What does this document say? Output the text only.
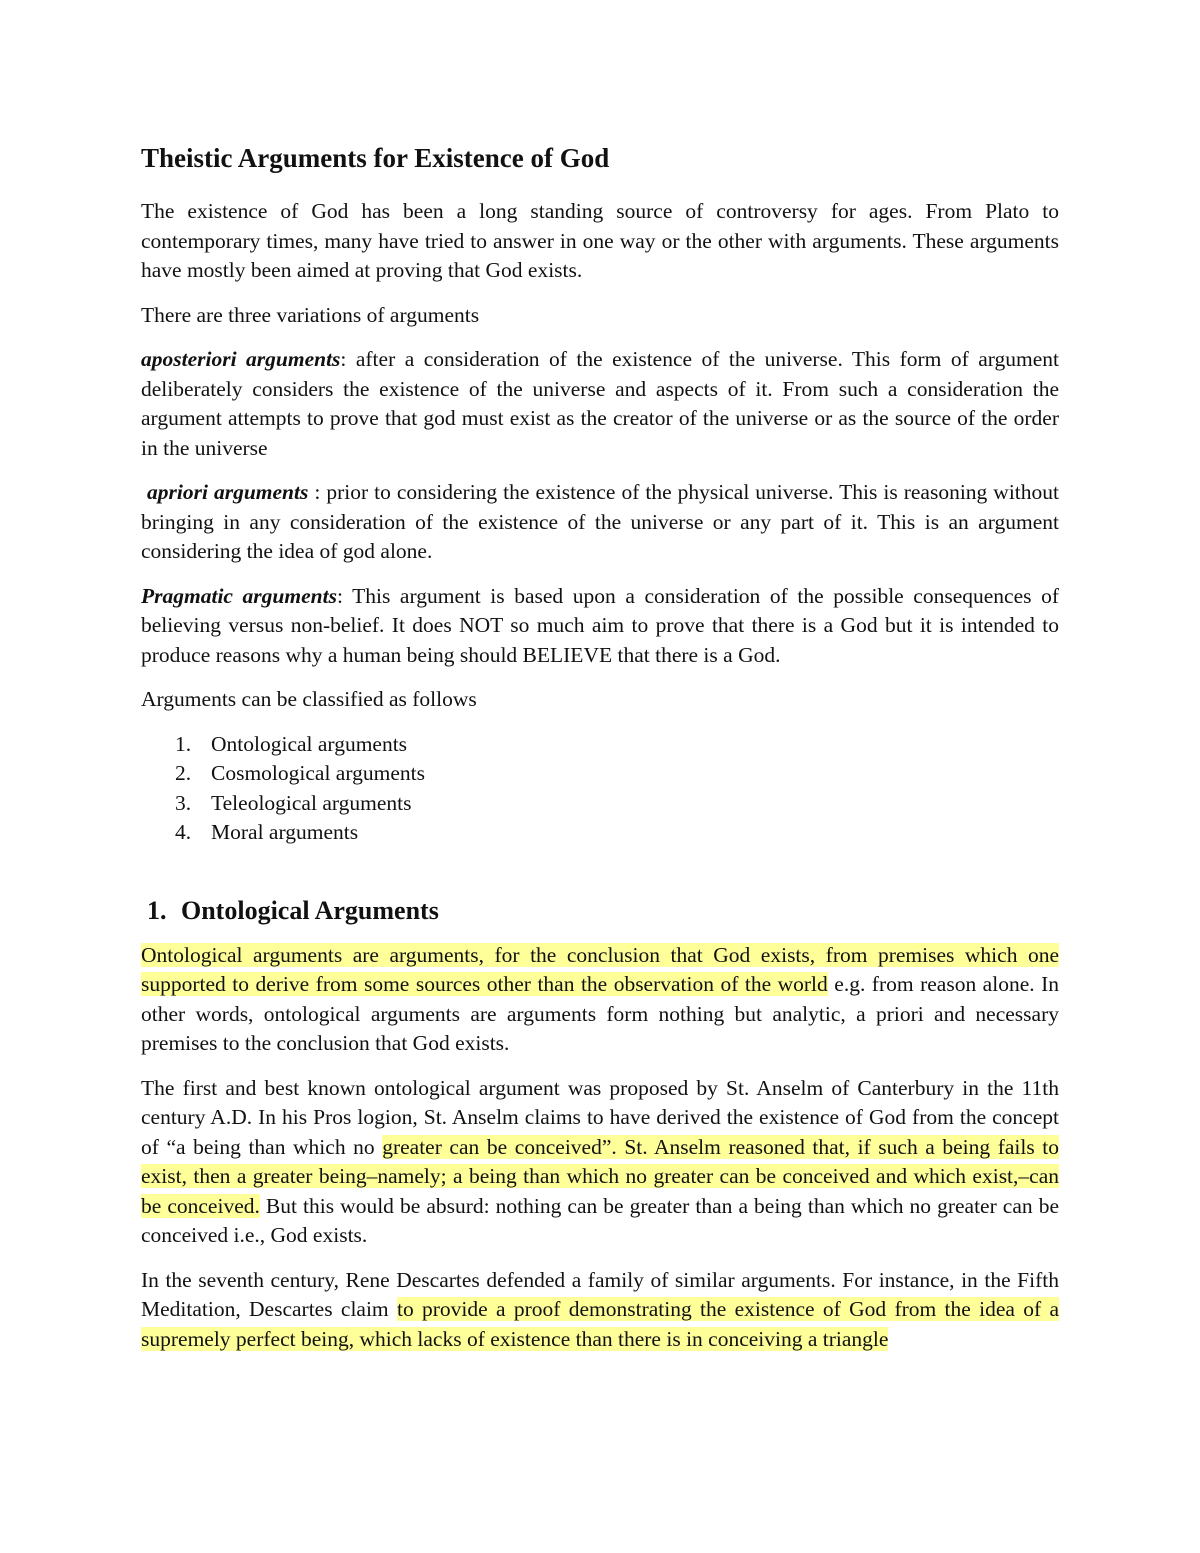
Theistic Arguments for Existence of God

The existence of God has been a long standing source of controversy for ages. From Plato to contemporary times, many have tried to answer in one way or the other with arguments. These arguments have mostly been aimed at proving that God exists.

There are three variations of arguments

aposteriori arguments: after a consideration of the existence of the universe. This form of argument deliberately considers the existence of the universe and aspects of it. From such a consideration the argument attempts to prove that god must exist as the creator of the universe or as the source of the order in the universe

apriori arguments : prior to considering the existence of the physical universe. This is reasoning without bringing in any consideration of the existence of the universe or any part of it. This is an argument considering the idea of god alone.

Pragmatic arguments: This argument is based upon a consideration of the possible consequences of believing versus non-belief. It does NOT so much aim to prove that there is a God but it is intended to produce reasons why a human being should BELIEVE that there is a God.

Arguments can be classified as follows

1. Ontological arguments
2. Cosmological arguments
3. Teleological arguments
4. Moral arguments
1. Ontological Arguments

Ontological arguments are arguments, for the conclusion that God exists, from premises which one supported to derive from some sources other than the observation of the world e.g. from reason alone. In other words, ontological arguments are arguments form nothing but analytic, a priori and necessary premises to the conclusion that God exists.

The first and best known ontological argument was proposed by St. Anselm of Canterbury in the 11th century A.D. In his Pros logion, St. Anselm claims to have derived the existence of God from the concept of “a being than which no greater can be conceived”. St. Anselm reasoned that, if such a being fails to exist, then a greater being–namely; a being than which no greater can be conceived and which exist,–can be conceived. But this would be absurd: nothing can be greater than a being than which no greater can be conceived i.e., God exists.

In the seventh century, Rene Descartes defended a family of similar arguments. For instance, in the Fifth Meditation, Descartes claim to provide a proof demonstrating the existence of God from the idea of a supremely perfect being, which lacks of existence than there is in conceiving a triangle
